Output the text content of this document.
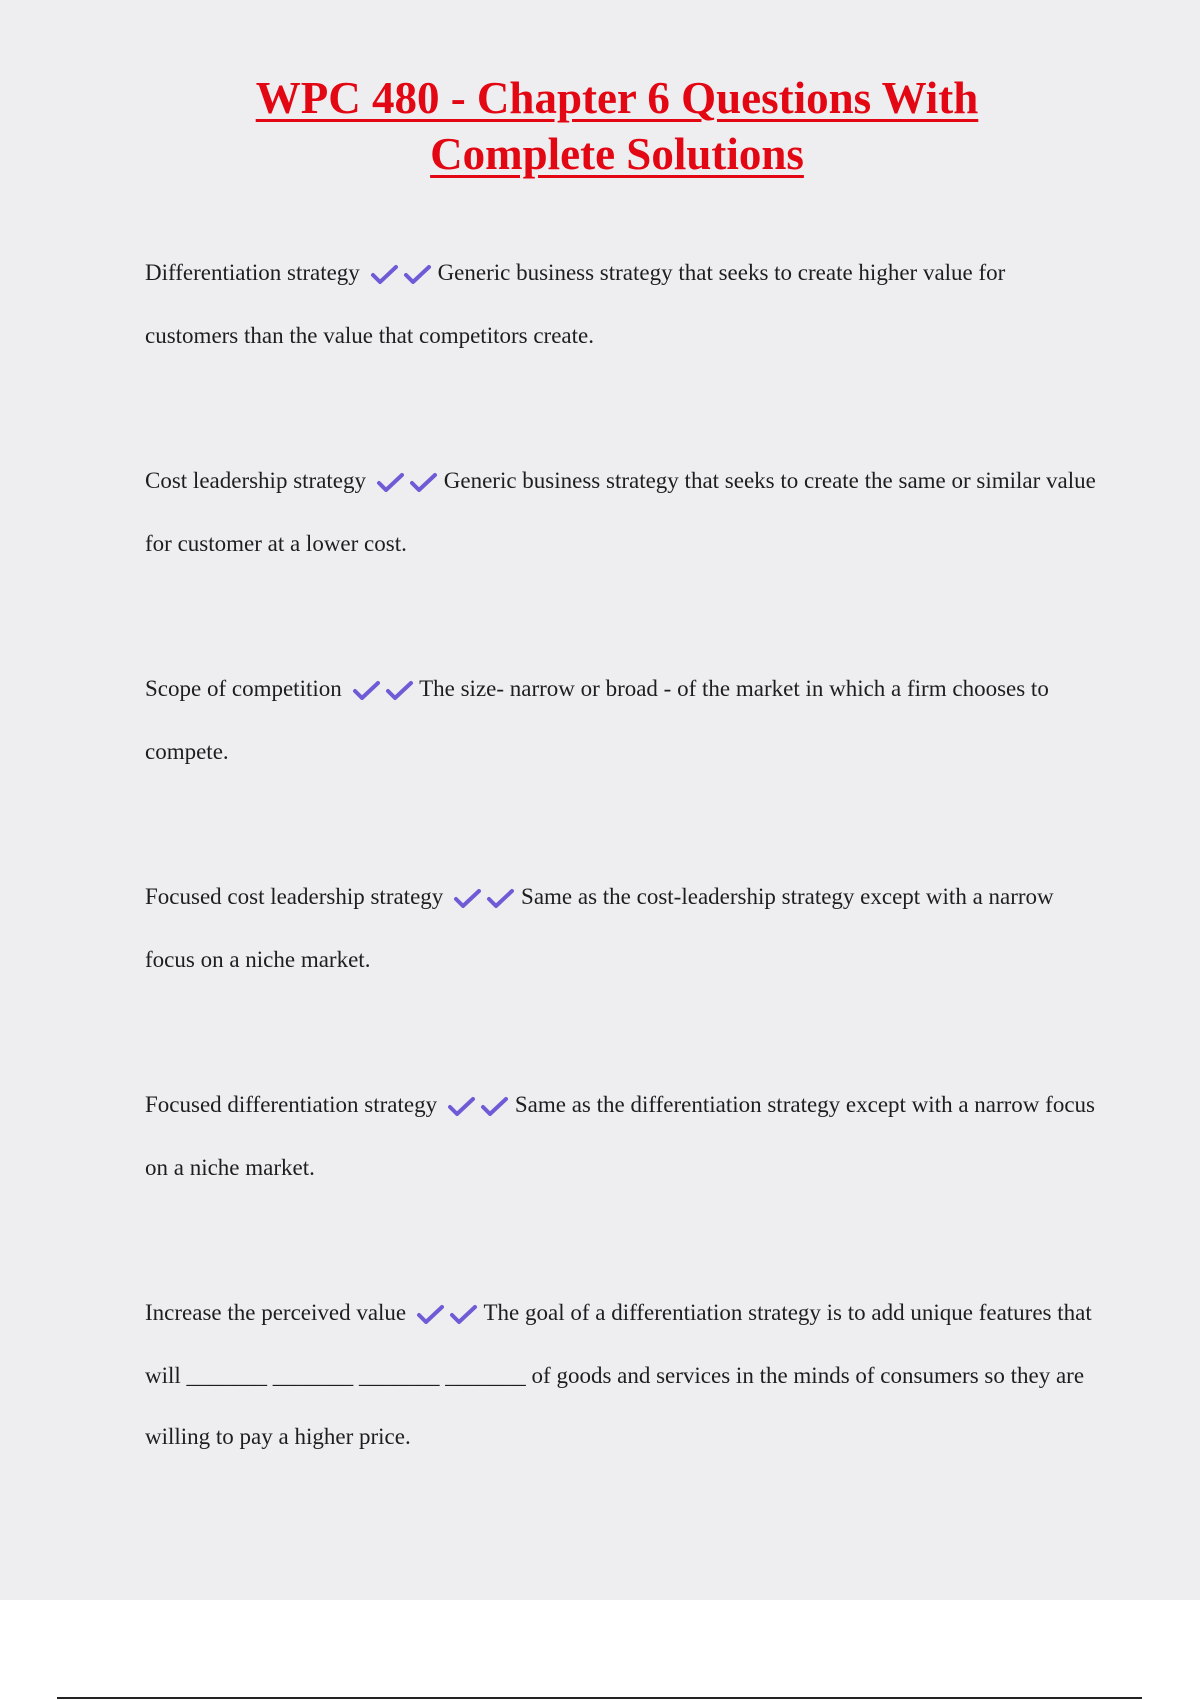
WPC 480 - Chapter 6 Questions With
Complete Solutions

Differentiation strategy	Generic business strategy that seeks to create higher value for customers than the value that competitors create.

Cost leadership strategy	Generic business strategy that seeks to create the same or similar value for customer at a lower cost.

Scope of competition	The size- narrow or broad - of the market in which a firm chooses to compete.

Focused cost leadership strategy	Same as the cost-leadership strategy except with a narrow focus on a niche market.

Focused differentiation strategy	Same as the differentiation strategy except with a narrow focus on a niche market.

Increase the perceived value	The goal of a differentiation strategy is to add unique features that will _______ _______ _______ _______ of goods and services in the minds of consumers so they are willing to pay a higher price.
